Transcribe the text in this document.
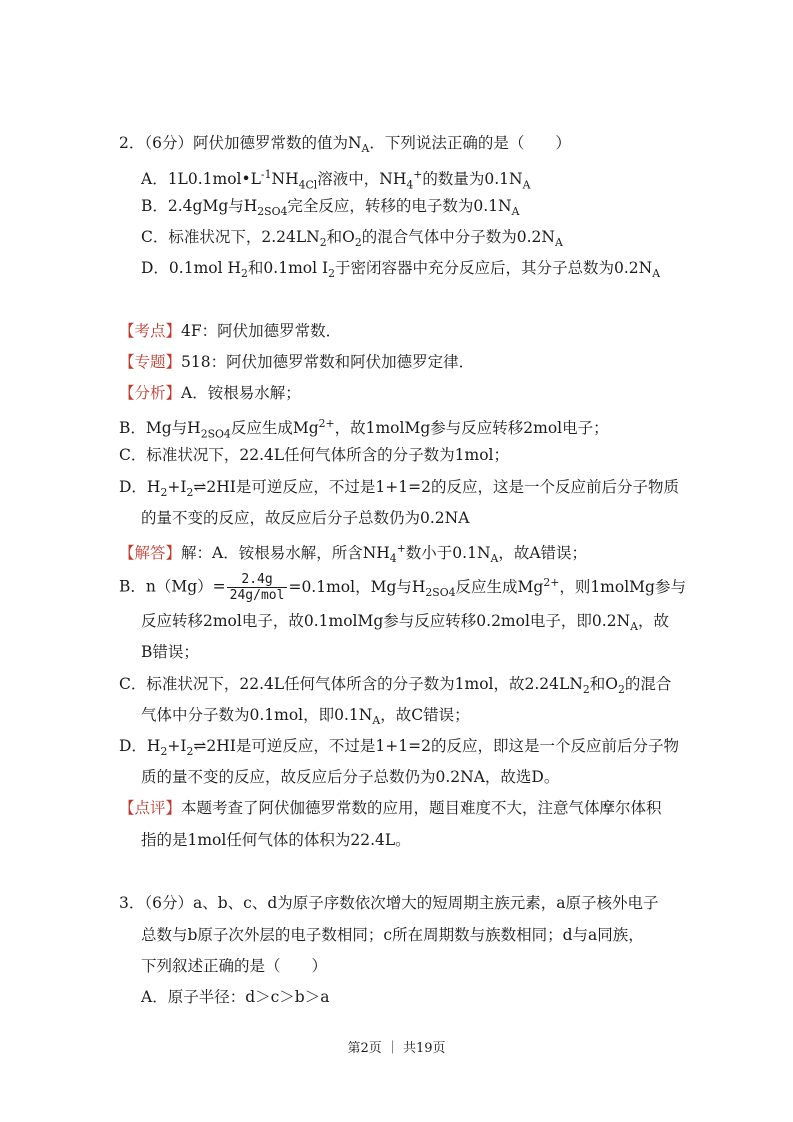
2．（6分）阿伏加德罗常数的值为$N_A$．下列说法正确的是（　　）
A．$1L0.1mol•L^{-1}NH_{4Cl}$溶液中，$NH_4^+$的数量为$0.1N_A$
B．2.4gMg与$H_{2SO4}$完全反应，转移的电子数为$0.1N_A$
C．标准状况下，$2.24LN_2$和$O_2$的混合气体中分子数为$0.2N_A$
D．0.1mol $H_2$和0.1mol $I_2$于密闭容器中充分反应后，其分子总数为$0.2N_A$
【考点】4F：阿伏加德罗常数．
【专题】518：阿伏加德罗常数和阿伏加德罗定律．
【分析】A．铵根易水解；
B．Mg与$H_{2SO4}$反应生成$Mg^{2+}$，故1molMg参与反应转移2mol电子；
C．标准状况下，22.4L任何气体所含的分子数为1mol；
D．$H_2+I_2\rightleftharpoons 2HI$是可逆反应，不过是1+1=2的反应，这是一个反应前后分子物质
的量不变的反应，故反应后分子总数仍为0.2NA
【解答】解：A．铵根易水解，所含$NH_4^+$数小于$0.1N_A$，故A错误；
B．$n(Mg)= \frac{2.4g}{\text{24g/mol}} =0.1mol$，Mg与$H_{2SO4}$反应生成$Mg^{2+}$，则1molMg参与
反应转移2mol电子，故0.1molMg参与反应转移0.2mol电子，即$0.2N_A$，故
B错误；
C．标准状况下，22.4L任何气体所含的分子数为1mol，故$2.24LN_2$和$O_2$的混合
气体中分子数为0.1mol，即$0.1N_A$，故C错误；
D．$H_2+I_2\rightleftharpoons 2HI$是可逆反应，不过是1+1=2的反应，即这是一个反应前后分子物
质的量不变的反应，故反应后分子总数仍为0.2NA，故选D。
【点评】本题考查了阿伏伽德罗常数的应用，题目难度不大，注意气体摩尔体积
指的是1mol任何气体的体积为22.4L。
3．（6分）a、b、c、d为原子序数依次增大的短周期主族元素，a原子核外电子
总数与b原子次外层的电子数相同；c所在周期数与族数相同；d与a同族，
下列叙述正确的是（　　）
A．原子半径：d＞c＞b＞a
第2页 ｜ 共19页
